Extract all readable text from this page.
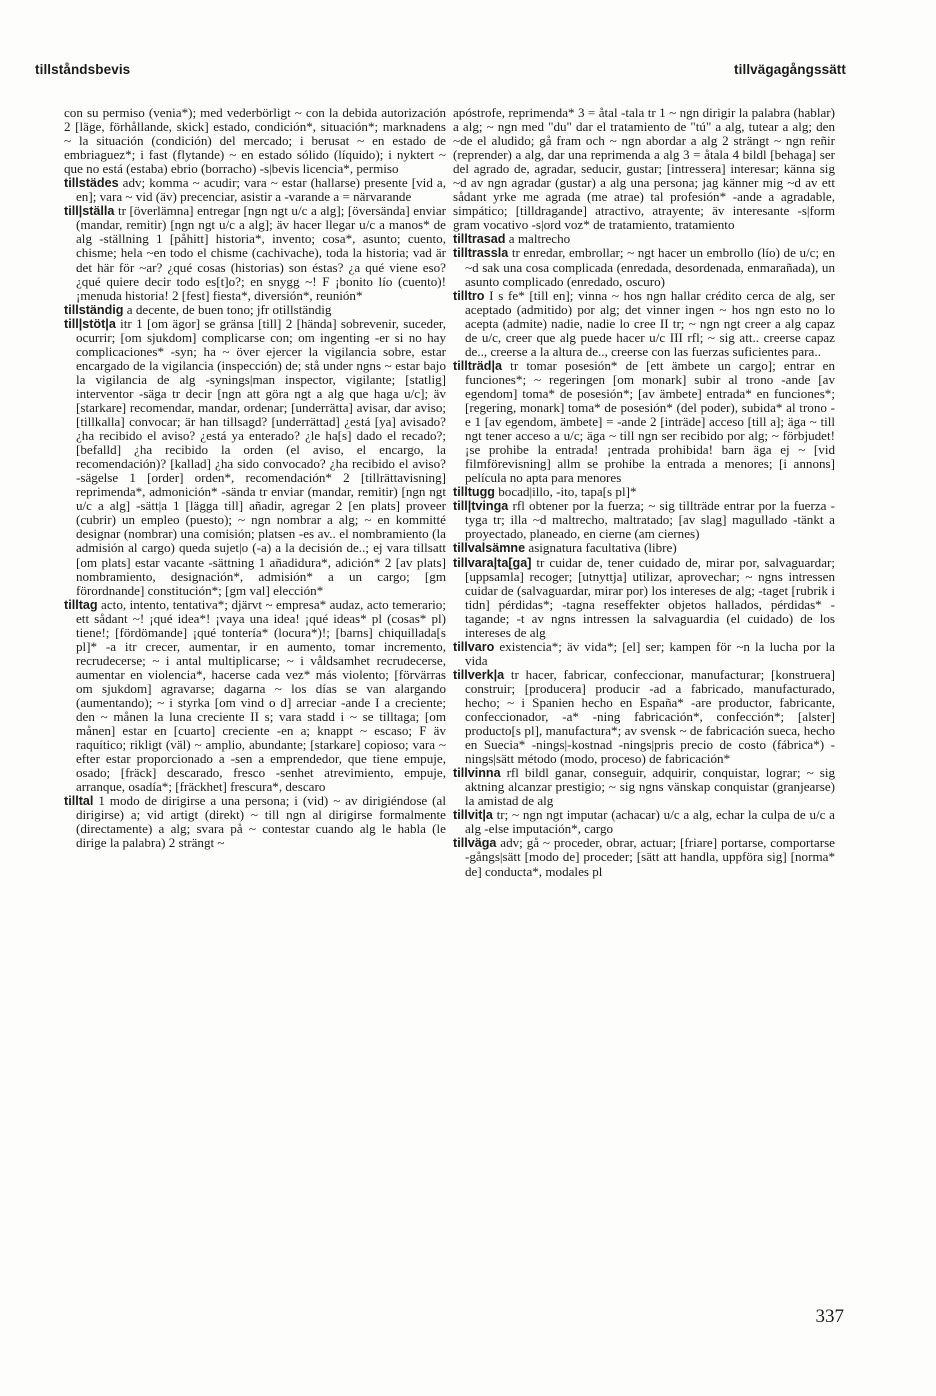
tillståndsbevis	tillvägagångssätt

con su permiso (venia*); med vederbörligt ~ con la debida autorización 2 [läge, förhållande, skick] estado, condición*, situación*; marknadens ~ la situación (condición) del mercado; i berusat ~ en estado de embriaguez*; i fast (flytande) ~ en estado sólido (líquido); i nyktert ~ que no está (estaba) ebrio (borracho) -s|bevis licencia*, permiso

tillstädes adv; komma ~ acudir; vara ~ estar (hallarse) presente [vid a, en]; vara ~ vid (äv) precenciar, asistir a -varande a = närvarande

till|ställa tr [överlämna] entregar [ngn ngt u/c a alg]; [översända] enviar (mandar, remitir) [ngn ngt u/c a alg]; äv hacer llegar u/c a manos* de alg -ställning 1 [påhitt] historia*, invento; cosa*, asunto; cuento, chisme; hela ~en todo el chisme (cachivache), toda la historia; vad är det här för ~ar? ¿qué cosas (historias) son éstas? ¿a qué viene eso? ¿qué quiere decir todo es[t]o?; en snygg ~! F ¡bonito lío (cuento)! ¡menuda historia! 2 [fest] fiesta*, diversión*, reunión*

tillständig a decente, de buen tono; jfr otillständig

till|stöt|a itr 1 [om ägor] se gränsa [till] 2 [hända] sobrevenir, suceder, ocurrir; [om sjukdom] complicarse con; om ingenting -er si no hay complicaciones* -syn; ha ~ över ejercer la vigilancia sobre, estar encargado de la vigilancia (inspección) de; stå under ngns ~ estar bajo la vigilancia de alg -synings|man inspector, vigilante; [statlig] interventor -säga tr decir [ngn att göra ngt a alg que haga u/c]; äv [starkare] recomendar, mandar, ordenar; [underrätta] avisar, dar aviso; [tillkalla] convocar; är han tillsagd? [underrättad] ¿está [ya] avisado? ¿ha recibido el aviso? ¿está ya enterado? ¿le ha[s] dado el recado?; [befalld] ¿ha recibido la orden (el aviso, el encargo, la recomendación)? [kallad] ¿ha sido convocado? ¿ha recibido el aviso? -sägelse 1 [order] orden*, recomendación* 2 [tillrättavisning] reprimenda*, admonición* -sända tr enviar (mandar, remitir) [ngn ngt u/c a alg] -sätt|a 1 [lägga till] añadir, agregar 2 [en plats] proveer (cubrir) un empleo (puesto); ~ ngn nombrar a alg; ~ en kommitté designar (nombrar) una comisión; platsen -es av.. el nombramiento (la admisión al cargo) queda sujet|o (-a) a la decisión de..; ej vara tillsatt [om plats] estar vacante -sättning 1 añadidura*, adición* 2 [av plats] nombramiento, designación*, admisión* a un cargo; [gm förordnande] constitución*; [gm val] elección*

tilltag acto, intento, tentativa*; djärvt ~ empresa* audaz, acto temerario; ett sådant ~! ¡qué idea*! ¡vaya una idea! ¡qué ideas* pl (cosas* pl) tiene!; [fördömande] ¡qué tontería* (locura*)!; [barns] chiquillada[s pl]* -a itr crecer, aumentar, ir en aumento, tomar incremento, recrudecerse; ~ i antal multiplicarse; ~ i våldsamhet recrudecerse, aumentar en violencia*, hacerse cada vez* más violento; [förvärras om sjukdom] agravarse; dagarna ~ los días se van alargando (aumentando); ~ i styrka [om vind o d] arreciar -ande I a creciente; den ~ månen la luna creciente II s; vara stadd i ~ se tilltaga; [om månen] estar en [cuarto] creciente -en a; knappt ~ escaso; F äv raquítico; rikligt (väl) ~ amplio, abundante; [starkare] copioso; vara ~ efter estar proporcionado a -sen a emprendedor, que tiene empuje, osado; [fräck] descarado, fresco -senhet atrevimiento, empuje, arranque, osadía*; [fräckhet] frescura*, descaro

tilltal 1 modo de dirigirse a una persona; i (vid) ~ av dirigiéndose (al dirigirse) a; vid artigt (direkt) ~ till ngn al dirigirse formalmente (directamente) a alg; svara på ~ contestar cuando alg le habla (le dirige la palabra) 2 strängt ~

apóstrofe, reprimenda* 3 = åtal -tala tr 1 ~ ngn dirigir la palabra (hablar) a alg; ~ ngn med "du" dar el tratamiento de "tú" a alg, tutear a alg; den ~de el aludido; gå fram och ~ ngn abordar a alg 2 strängt ~ ngn reñir (reprender) a alg, dar una reprimenda a alg 3 = åtala 4 bildl [behaga] ser del agrado de, agradar, seducir, gustar; [intressera] interesar; känna sig ~d av ngn agradar (gustar) a alg una persona; jag känner mig ~d av ett sådant yrke me agrada (me atrae) tal profesión* -ande a agradable, simpático; [tilldragande] atractivo, atrayente; äv interesante -s|form gram vocativo -s|ord voz* de tratamiento, tratamiento

tilltrasad a maltrecho

tilltrassla tr enredar, embrollar; ~ ngt hacer un embrollo (lío) de u/c; en ~d sak una cosa complicada (enredada, desordenada, enmarañada), un asunto complicado (enredado, oscuro)

tilltro I s fe* [till en]; vinna ~ hos ngn hallar crédito cerca de alg, ser aceptado (admitido) por alg; det vinner ingen ~ hos ngn esto no lo acepta (admite) nadie, nadie lo cree II tr; ~ ngn ngt creer a alg capaz de u/c, creer que alg puede hacer u/c III rfl; ~ sig att.. creerse capaz de.., creerse a la altura de.., creerse con las fuerzas suficientes para..

tillträd|a tr tomar posesión* de [ett ämbete un cargo]; entrar en funciones*; ~ regeringen [om monark] subir al trono -ande [av egendom] toma* de posesión*; [av ämbete] entrada* en funciones*; [regering, monark] toma* de posesión* (del poder), subida* al trono -e 1 [av egendom, ämbete] = -ande 2 [inträde] acceso [till a]; äga ~ till ngt tener acceso a u/c; äga ~ till ngn ser recibido por alg; ~ förbjudet! ¡se prohibe la entrada! ¡entrada prohibida! barn äga ej ~ [vid filmförevisning] allm se prohibe la entrada a menores; [i annons] película no apta para menores

tilltugg bocad|illo, -ito, tapa[s pl]*

till|tvinga rfl obtener por la fuerza; ~ sig tillträde entrar por la fuerza -tyga tr; illa ~d maltrecho, maltratado; [av slag] magullado -tänkt a proyectado, planeado, en cierne (am ciernes)

tillvalsämne asignatura facultativa (libre)

tillvara|ta[ga] tr cuidar de, tener cuidado de, mirar por, salvaguardar; [uppsamla] recoger; [utnyttja] utilizar, aprovechar; ~ ngns intressen cuidar de (salvaguardar, mirar por) los intereses de alg; -taget [rubrik i tidn] pérdidas*; -tagna reseffekter objetos hallados, pérdidas* -tagande; -t av ngns intressen la salvaguardia (el cuidado) de los intereses de alg

tillvaro existencia*; äv vida*; [el] ser; kampen för ~n la lucha por la vida

tillverk|a tr hacer, fabricar, confeccionar, manufacturar; [konstruera] construir; [producera] producir -ad a fabricado, manufacturado, hecho; ~ i Spanien hecho en España* -are productor, fabricante, confeccionador, -a* -ning fabricación*, confección*; [alster] producto[s pl], manufactura*; av svensk ~ de fabricación sueca, hecho en Suecia* -nings|-kostnad -nings|pris precio de costo (fábrica*) -nings|sätt método (modo, proceso) de fabricación*

tillvinna rfl bildl ganar, conseguir, adquirir, conquistar, lograr; ~ sig aktning alcanzar prestigio; ~ sig ngns vänskap conquistar (granjearse) la amistad de alg

tillvit|a tr; ~ ngn ngt imputar (achacar) u/c a alg, echar la culpa de u/c a alg -else imputación*, cargo

tillväga adv; gå ~ proceder, obrar, actuar; [friare] portarse, comportarse -gångs|sätt [modo de] proceder; [sätt att handla, uppföra sig] [norma* de] conducta*, modales pl

337
